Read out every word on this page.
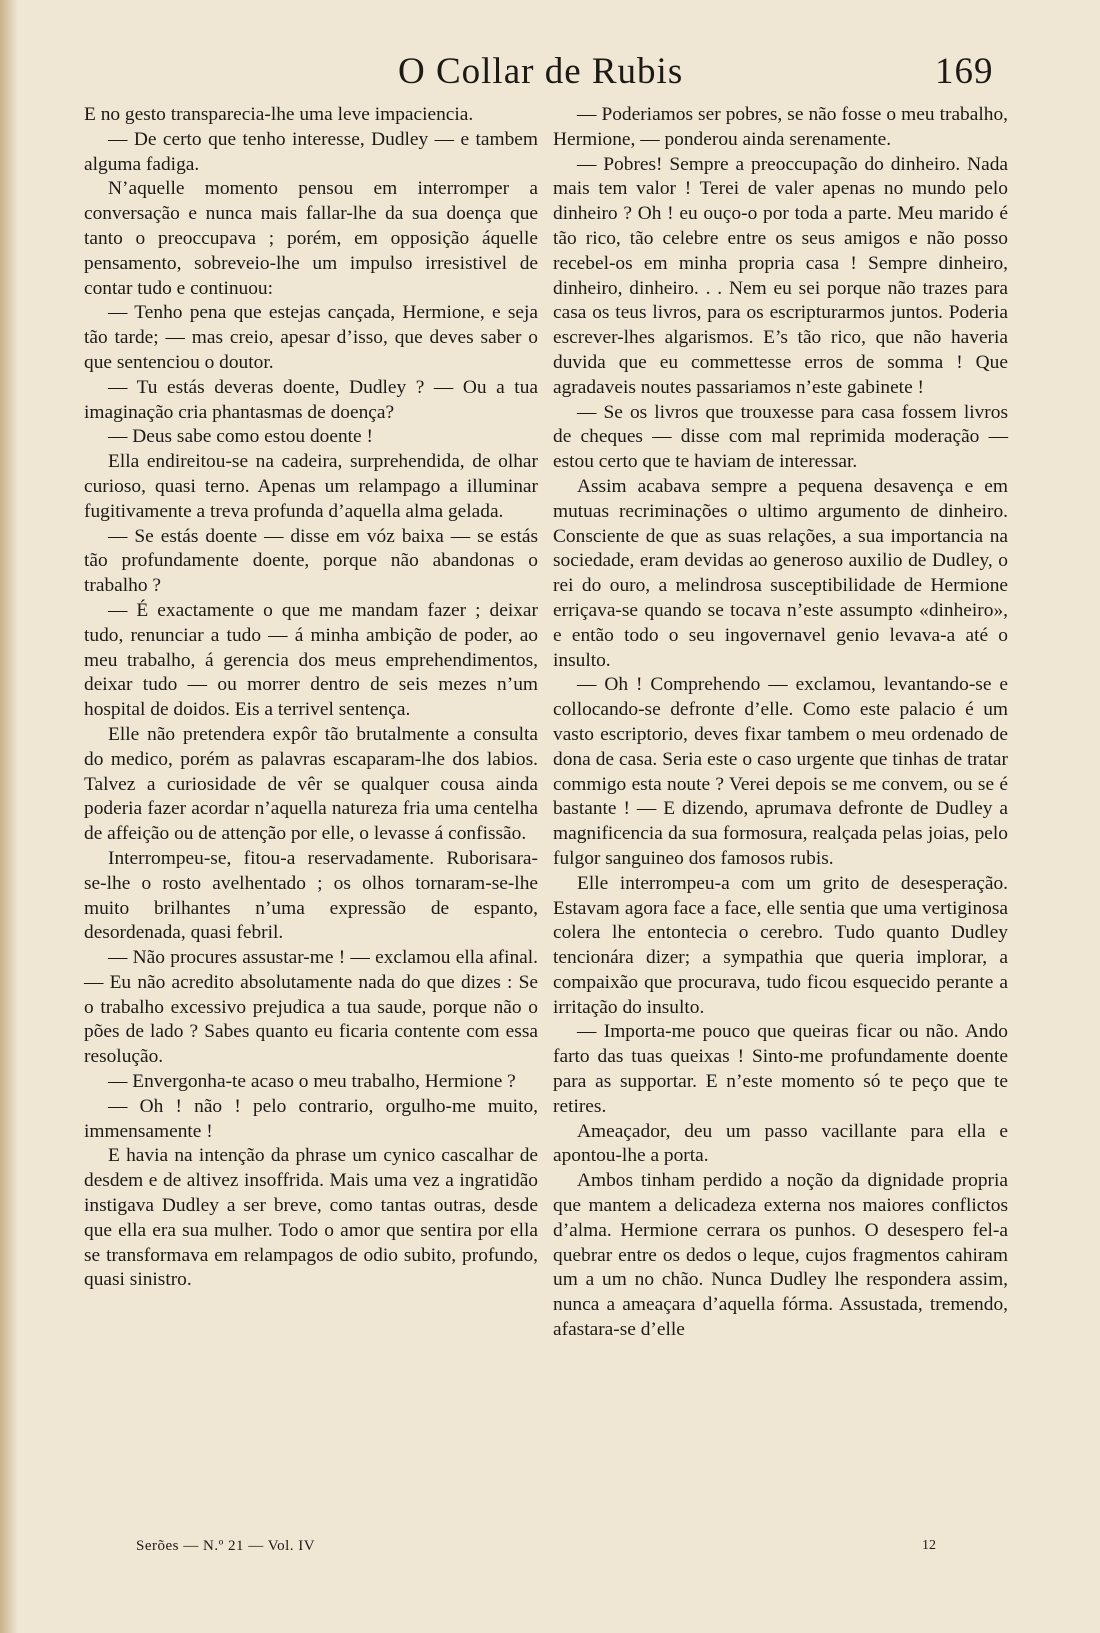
O Collar de Rubis	169

E no gesto transparecia-lhe uma leve impaciencia.

— De certo que tenho interesse, Dudley — e tambem alguma fadiga.

N’aquelle momento pensou em interromper a conversação e nunca mais fallar-lhe da sua doença que tanto o preoccupava ; porém, em opposição áquelle pensamento, sobreveio-lhe um impulso irresistivel de contar tudo e continuou:

— Tenho pena que estejas cançada, Hermione, e seja tão tarde; — mas creio, apesar d’isso, que deves saber o que sentenciou o doutor.

— Tu estás deveras doente, Dudley ? — Ou a tua imaginação cria phantasmas de doença?

— Deus sabe como estou doente !

Ella endireitou-se na cadeira, surprehendida, de olhar curioso, quasi terno. Apenas um relampago a illuminar fugitivamente a treva profunda d’aquella alma gelada.

— Se estás doente — disse em vóz baixa — se estás tão profundamente doente, porque não abandonas o trabalho ?

— É exactamente o que me mandam fazer ; deixar tudo, renunciar a tudo — á minha ambição de poder, ao meu trabalho, á gerencia dos meus emprehendimentos, deixar tudo — ou morrer dentro de seis mezes n’um hospital de doidos. Eis a terrivel sentença.

Elle não pretendera expôr tão brutalmente a consulta do medico, porém as palavras escaparam-lhe dos labios. Talvez a curiosidade de vêr se qualquer cousa ainda poderia fazer acordar n’aquella natureza fria uma centelha de affeição ou de attenção por elle, o levasse á confissão.

Interrompeu-se, fitou-a reservadamente. Ruborisara-se-lhe o rosto avelhentado ; os olhos tornaram-se-lhe muito brilhantes n’uma expressão de espanto, desordenada, quasi febril.

— Não procures assustar-me ! — exclamou ella afinal. — Eu não acredito absolutamente nada do que dizes : Se o trabalho excessivo prejudica a tua saude, porque não o pões de lado ? Sabes quanto eu ficaria contente com essa resolução.

— Envergonha-te acaso o meu trabalho, Hermione ?

— Oh ! não ! pelo contrario, orgulho-me muito, immensamente !

E havia na intenção da phrase um cynico cascalhar de desdem e de altivez insoffrida. Mais uma vez a ingratidão instigava Dudley a ser breve, como tantas outras, desde que ella era sua mulher. Todo o amor que sentira por ella se transformava em relampagos de odio subito, profundo, quasi sinistro.

— Poderiamos ser pobres, se não fosse o meu trabalho, Hermione, — ponderou ainda serenamente.

— Pobres! Sempre a preoccupação do dinheiro. Nada mais tem valor ! Terei de valer apenas no mundo pelo dinheiro ? Oh ! eu ouço-o por toda a parte. Meu marido é tão rico, tão celebre entre os seus amigos e não posso recebel-os em minha propria casa ! Sempre dinheiro, dinheiro, dinheiro. . . Nem eu sei porque não trazes para casa os teus livros, para os escripturarmos juntos. Poderia escrever-lhes algarismos. E’s tão rico, que não haveria duvida que eu commettesse erros de somma ! Que agradaveis noutes passariamos n’este gabinete !

— Se os livros que trouxesse para casa fossem livros de cheques — disse com mal reprimida moderação — estou certo que te haviam de interessar.

Assim acabava sempre a pequena desavença e em mutuas recriminações o ultimo argumento de dinheiro. Consciente de que as suas relações, a sua importancia na sociedade, eram devidas ao generoso auxilio de Dudley, o rei do ouro, a melindrosa susceptibilidade de Hermione erriçava-se quando se tocava n’este assumpto «dinheiro», e então todo o seu ingovernavel genio levava-a até o insulto.

— Oh ! Comprehendo — exclamou, levantando-se e collocando-se defronte d’elle. Como este palacio é um vasto escriptorio, deves fixar tambem o meu ordenado de dona de casa. Seria este o caso urgente que tinhas de tratar commigo esta noute ? Verei depois se me convem, ou se é bastante ! — E dizendo, aprumava defronte de Dudley a magnificencia da sua formosura, realçada pelas joias, pelo fulgor sanguineo dos famosos rubis.

Elle interrompeu-a com um grito de desesperação. Estavam agora face a face, elle sentia que uma vertiginosa colera lhe entontecia o cerebro. Tudo quanto Dudley tencionára dizer; a sympathia que queria implorar, a compaixão que procurava, tudo ficou esquecido perante a irritação do insulto.

— Importa-me pouco que queiras ficar ou não. Ando farto das tuas queixas ! Sinto-me profundamente doente para as supportar. E n’este momento só te peço que te retires.

Ameaçador, deu um passo vacillante para ella e apontou-lhe a porta.

Ambos tinham perdido a noção da dignidade propria que mantem a delicadeza externa nos maiores conflictos d’alma. Hermione cerrara os punhos. O desespero fel-a quebrar entre os dedos o leque, cujos fragmentos cahiram um a um no chão. Nunca Dudley lhe respondera assim, nunca a ameaçara d’aquella fórma. Assustada, tremendo, afastara-se d’elle

Serões — N.º 21 — Vol. IV	12
